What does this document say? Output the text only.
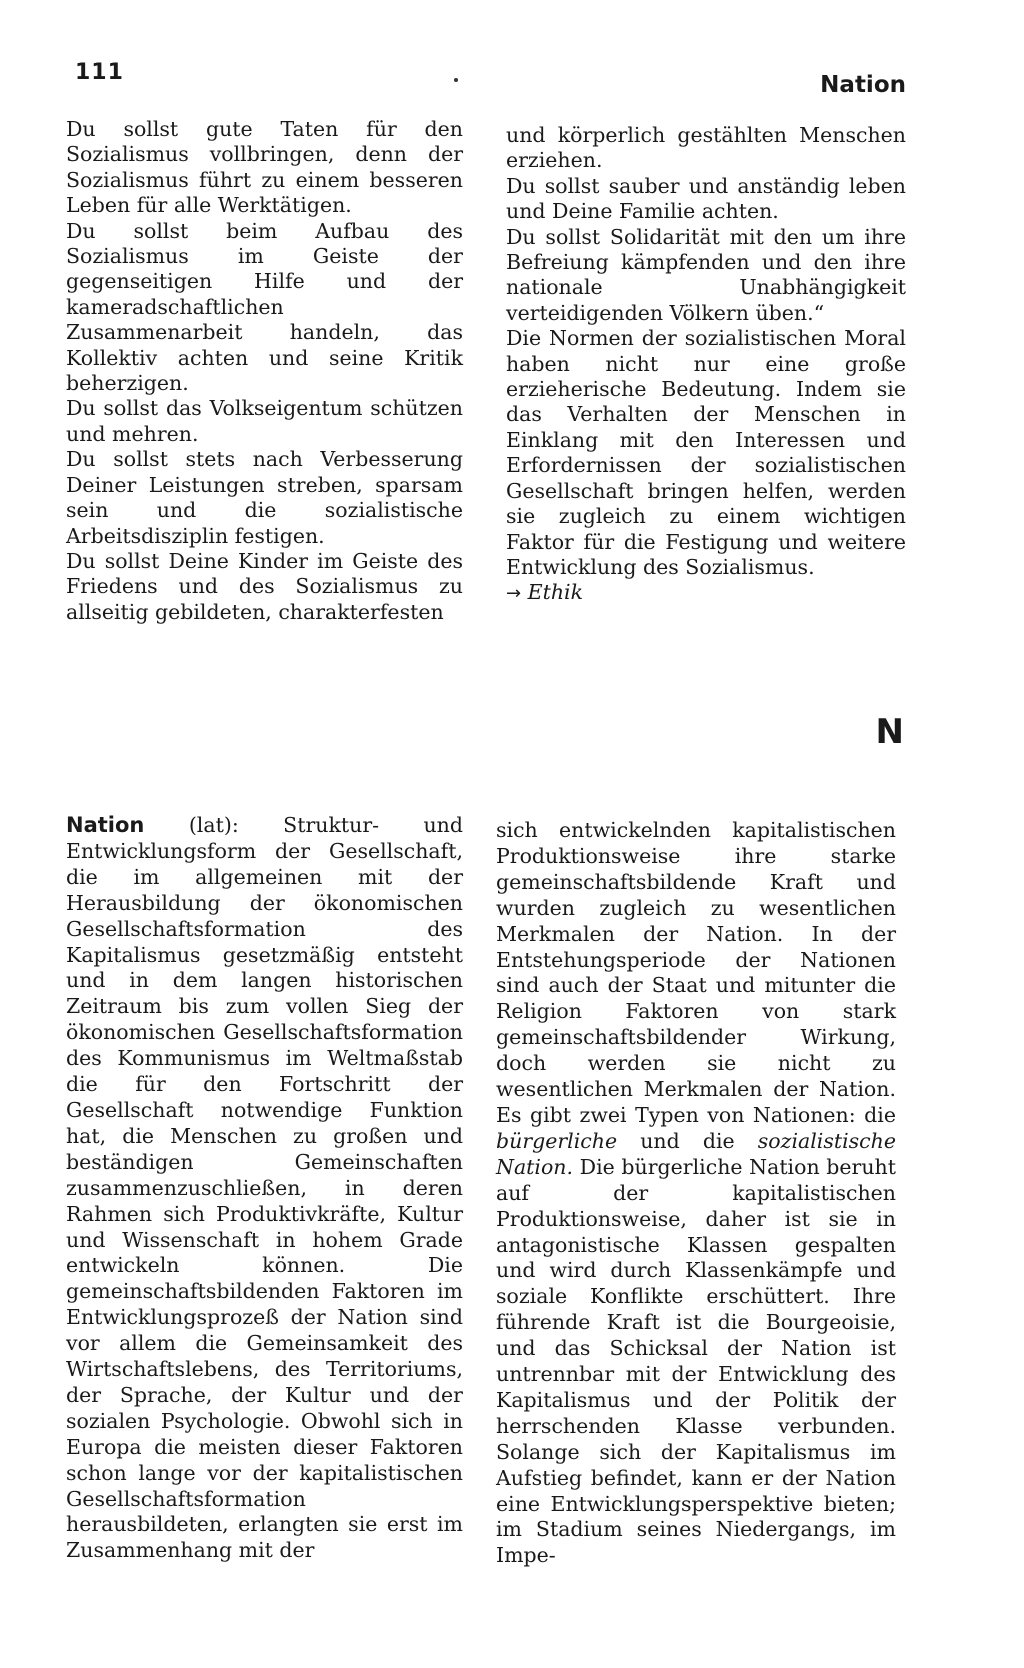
111	Nation

Du sollst gute Taten für den Sozialismus vollbringen, denn der Sozialismus führt zu einem besseren Leben für alle Werktätigen.

Du sollst beim Aufbau des Sozialismus im Geiste der gegenseitigen Hilfe und der kameradschaftlichen Zusammenarbeit handeln, das Kollektiv achten und seine Kritik beherzigen.

Du sollst das Volkseigentum schützen und mehren.

Du sollst stets nach Verbesserung Deiner Leistungen streben, sparsam sein und die sozialistische Arbeitsdisziplin festigen.

Du sollst Deine Kinder im Geiste des Friedens und des Sozialismus zu allseitig gebildeten, charakterfesten

und körperlich gestählten Menschen erziehen.

Du sollst sauber und anständig leben und Deine Familie achten.

Du sollst Solidarität mit den um ihre Befreiung kämpfenden und den ihre nationale Unabhängigkeit verteidigenden Völkern üben.“

Die Normen der sozialistischen Moral haben nicht nur eine große erzieherische Bedeutung. Indem sie das Verhalten der Menschen in Einklang mit den Interessen und Erfordernissen der sozialistischen Gesellschaft bringen helfen, werden sie zugleich zu einem wichtigen Faktor für die Festigung und weitere Entwicklung des Sozialismus.

→ Ethik

N

Nation (lat): Struktur- und Entwicklungsform der Gesellschaft, die im allgemeinen mit der Herausbildung der ökonomischen Gesellschaftsformation des Kapitalismus gesetzmäßig entsteht und in dem langen historischen Zeitraum bis zum vollen Sieg der ökonomischen Gesellschaftsformation des Kommunismus im Weltmaßstab die für den Fortschritt der Gesellschaft notwendige Funktion hat, die Menschen zu großen und beständigen Gemeinschaften zusammenzuschließen, in deren Rahmen sich Produktivkräfte, Kultur und Wissenschaft in hohem Grade entwickeln können. Die gemeinschaftsbildenden Faktoren im Entwicklungsprozeß der Nation sind vor allem die Gemeinsamkeit des Wirtschaftslebens, des Territoriums, der Sprache, der Kultur und der sozialen Psychologie. Obwohl sich in Europa die meisten dieser Faktoren schon lange vor der kapitalistischen Gesellschaftsformation herausbildeten, erlangten sie erst im Zusammenhang mit der

sich entwickelnden kapitalistischen Produktionsweise ihre starke gemeinschaftsbildende Kraft und wurden zugleich zu wesentlichen Merkmalen der Nation. In der Entstehungsperiode der Nationen sind auch der Staat und mitunter die Religion Faktoren von stark gemeinschaftsbildender Wirkung, doch werden sie nicht zu wesentlichen Merkmalen der Nation. Es gibt zwei Typen von Nationen: die bürgerliche und die sozialistische Nation. Die bürgerliche Nation beruht auf der kapitalistischen Produktionsweise, daher ist sie in antagonistische Klassen gespalten und wird durch Klassenkämpfe und soziale Konflikte erschüttert. Ihre führende Kraft ist die Bourgeoisie, und das Schicksal der Nation ist untrennbar mit der Entwicklung des Kapitalismus und der Politik der herrschenden Klasse verbunden. Solange sich der Kapitalismus im Aufstieg befindet, kann er der Nation eine Entwicklungsperspektive bieten; im Stadium seines Niedergangs, im Impe-
